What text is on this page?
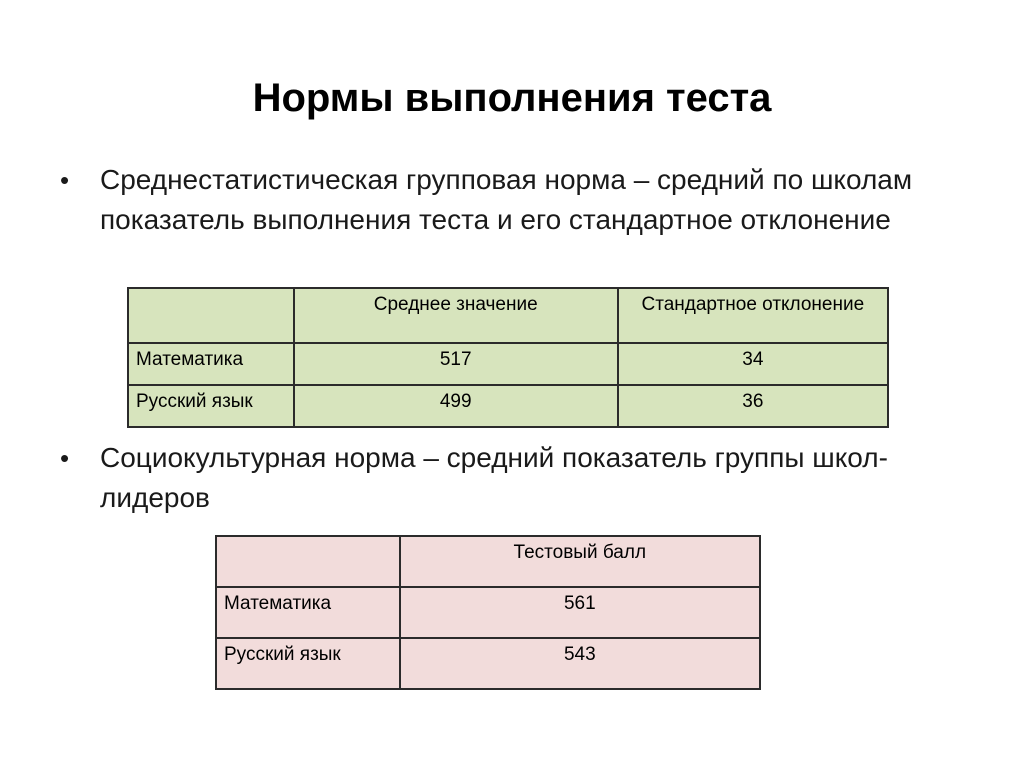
Нормы выполнения теста
•	Среднестатистическая групповая норма – средний по школам показатель выполнения теста и его стандартное отклонение
	Среднее значение	Стандартное отклонение
Математика	517	34
Русский язык	499	36
•	Социокультурная норма – средний показатель группы школ-лидеров
	Тестовый балл
Математика	561
Русский язык	543
